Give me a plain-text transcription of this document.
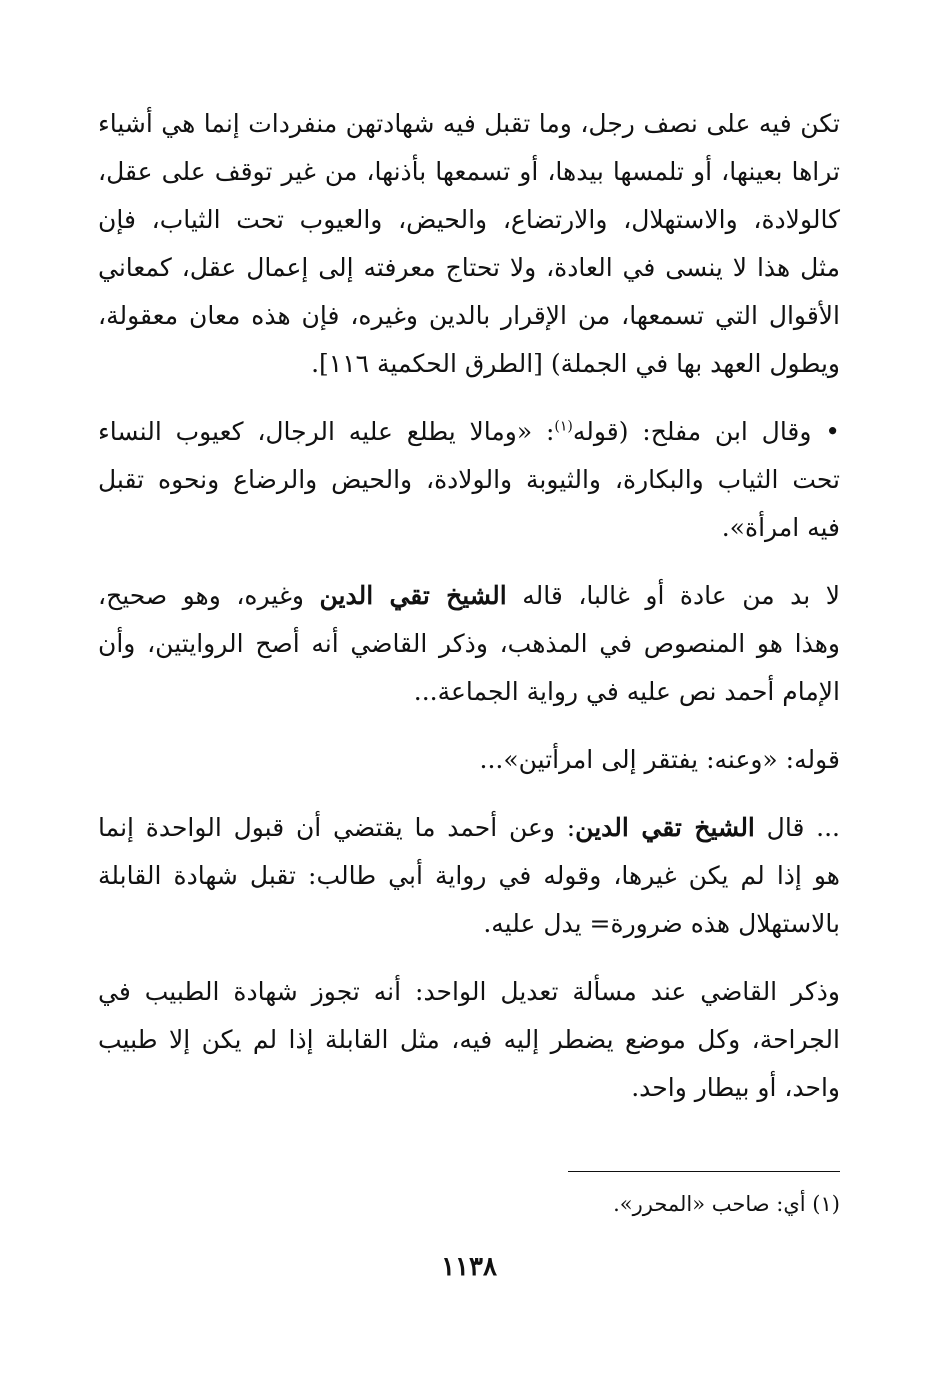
تكن فيه على نصف رجل، وما تقبل فيه شهادتهن منفردات إنما هي أشياء
تراها بعينها، أو تلمسها بيدها، أو تسمعها بأذنها، من غير توقف على عقل،
كالولادة، والاستهلال، والارتضاع، والحيض، والعيوب تحت الثياب، فإن
مثل هذا لا ينسى في العادة، ولا تحتاج معرفته إلى إعمال عقل، كمعاني
الأقوال التي تسمعها، من الإقرار بالدين وغيره، فإن هذه معان معقولة،
ويطول العهد بها في الجملة) [الطرق الحكمية ١١٦].

• وقال ابن مفلح: (قوله$^{(١)}$: «ومالا يطلع عليه الرجال، كعيوب النساء
تحت الثياب والبكارة، والثيوبة والولادة، والحيض والرضاع ونحوه تقبل
فيه امرأة».

لا بد من عادة أو غالبا، قاله الشيخ تقي الدين وغيره، وهو صحيح،
وهذا هو المنصوص في المذهب، وذكر القاضي أنه أصح الروايتين، وأن
الإمام أحمد نص عليه في رواية الجماعة...

قوله: «وعنه: يفتقر إلى امرأتين»...

... قال الشيخ تقي الدين: وعن أحمد ما يقتضي أن قبول الواحدة إنما
هو إذا لم يكن غيرها، وقوله في رواية أبي طالب: تقبل شهادة القابلة
بالاستهلال هذه ضرورة= يدل عليه.

وذكر القاضي عند مسألة تعديل الواحد: أنه تجوز شهادة الطبيب في
الجراحة، وكل موضع يضطر إليه فيه، مثل القابلة إذا لم يكن إلا طبيب
واحد، أو بيطار واحد.

(١) أي: صاحب «المحرر».
١١٣٨
